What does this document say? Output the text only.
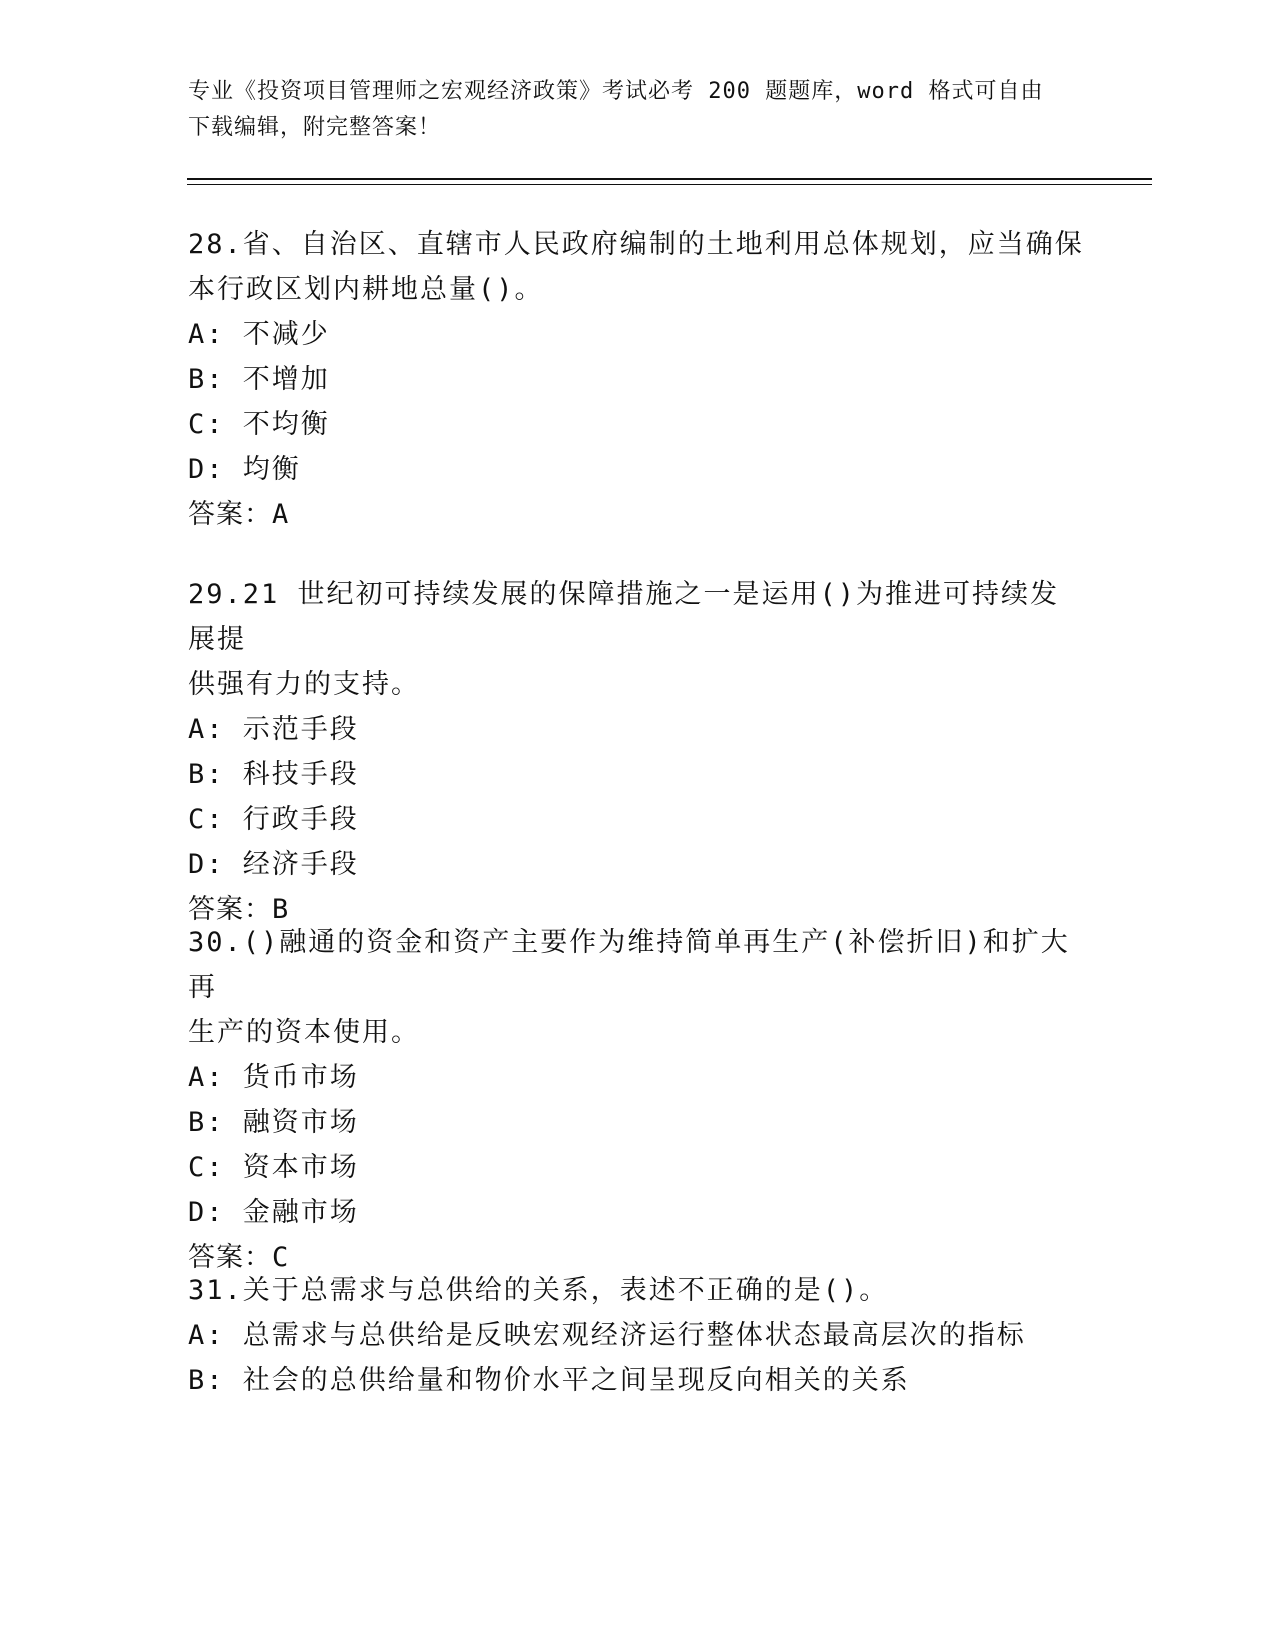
专业《投资项目管理师之宏观经济政策》考试必考 200 题题库，word 格式可自由
下载编辑，附完整答案！

28.省、自治区、直辖市人民政府编制的土地利用总体规划，应当确保

本行政区划内耕地总量()。

A: 不减少

B: 不增加

C: 不均衡

D: 均衡

答案：A

29.21 世纪初可持续发展的保障措施之一是运用()为推进可持续发展提

供强有力的支持。

A: 示范手段

B: 科技手段

C: 行政手段

D: 经济手段

答案：B

30.()融通的资金和资产主要作为维持简单再生产(补偿折旧)和扩大再

生产的资本使用。

A: 货币市场

B: 融资市场

C: 资本市场

D: 金融市场

答案：C

31.关于总需求与总供给的关系，表述不正确的是()。

A: 总需求与总供给是反映宏观经济运行整体状态最高层次的指标

B: 社会的总供给量和物价水平之间呈现反向相关的关系
